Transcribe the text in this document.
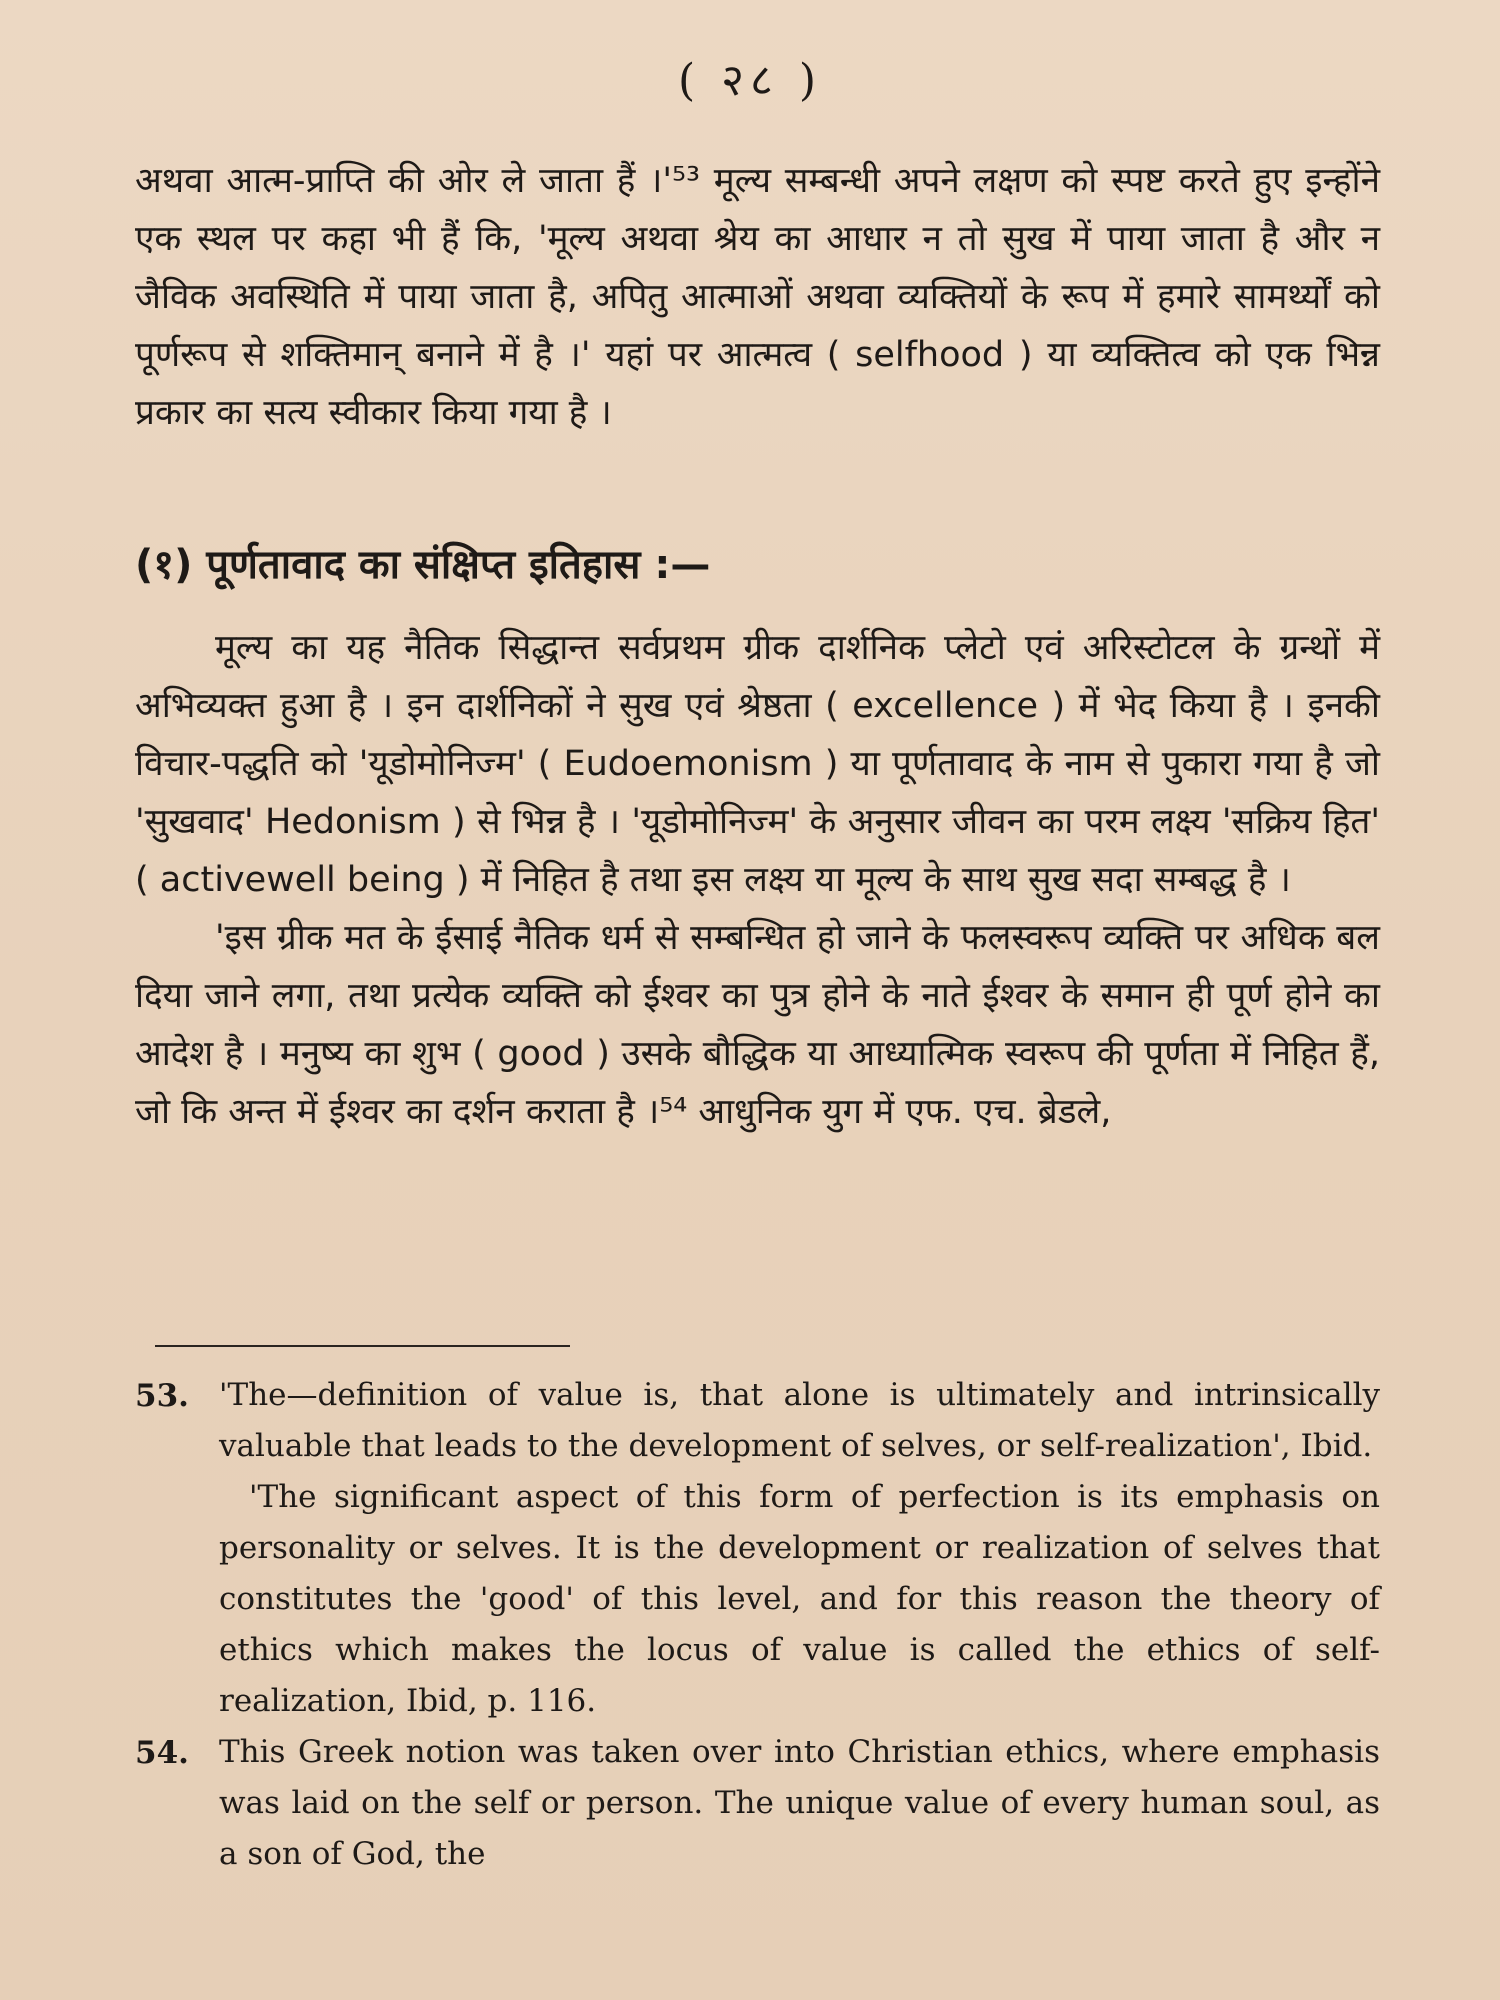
( २८ )

अथवा आत्म-प्राप्ति की ओर ले जाता हैं ।'⁵³ मूल्य सम्बन्धी अपने लक्षण को स्पष्ट करते हुए इन्होंने एक स्थल पर कहा भी हैं कि, 'मूल्य अथवा श्रेय का आधार न तो सुख में पाया जाता है और न जैविक अवस्थिति में पाया जाता है, अपितु आत्माओं अथवा व्यक्तियों के रूप में हमारे सामर्थ्यों को पूर्णरूप से शक्तिमान् बनाने में है ।' यहां पर आत्मत्व ( selfhood ) या व्यक्तित्व को एक भिन्न प्रकार का सत्य स्वीकार किया गया है ।

(१) पूर्णतावाद का संक्षिप्त इतिहास :—

मूल्य का यह नैतिक सिद्धान्त सर्वप्रथम ग्रीक दार्शनिक प्लेटो एवं अरिस्टोटल के ग्रन्थों में अभिव्यक्त हुआ है । इन दार्शनिकों ने सुख एवं श्रेष्ठता ( excellence ) में भेद किया है । इनकी विचार-पद्धति को 'यूडोमोनिज्म' ( Eudoemonism ) या पूर्णतावाद के नाम से पुकारा गया है जो 'सुखवाद' Hedonism ) से भिन्न है । 'यूडोमोनिज्म' के अनुसार जीवन का परम लक्ष्य 'सक्रिय हित' ( activewell being ) में निहित है तथा इस लक्ष्य या मूल्य के साथ सुख सदा सम्बद्ध है ।

'इस ग्रीक मत के ईसाई नैतिक धर्म से सम्बन्धित हो जाने के फलस्वरूप व्यक्ति पर अधिक बल दिया जाने लगा, तथा प्रत्येक व्यक्ति को ईश्वर का पुत्र होने के नाते ईश्वर के समान ही पूर्ण होने का आदेश है । मनुष्य का शुभ ( good ) उसके बौद्धिक या आध्यात्मिक स्वरूप की पूर्णता में निहित हैं, जो कि अन्त में ईश्वर का दर्शन कराता है ।⁵⁴ आधुनिक युग में एफ. एच. ब्रेडले,

53. 'The—definition of value is, that alone is ultimately and intrinsically valuable that leads to the development of selves, or self-realization', Ibid.

'The significant aspect of this form of perfection is its emphasis on personality or selves. It is the development or realization of selves that constitutes the 'good' of this level, and for this reason the theory of ethics which makes the locus of value is called the ethics of self-realization, Ibid, p. 116.

54. This Greek notion was taken over into Christian ethics, where emphasis was laid on the self or person. The unique value of every human soul, as a son of God, the
